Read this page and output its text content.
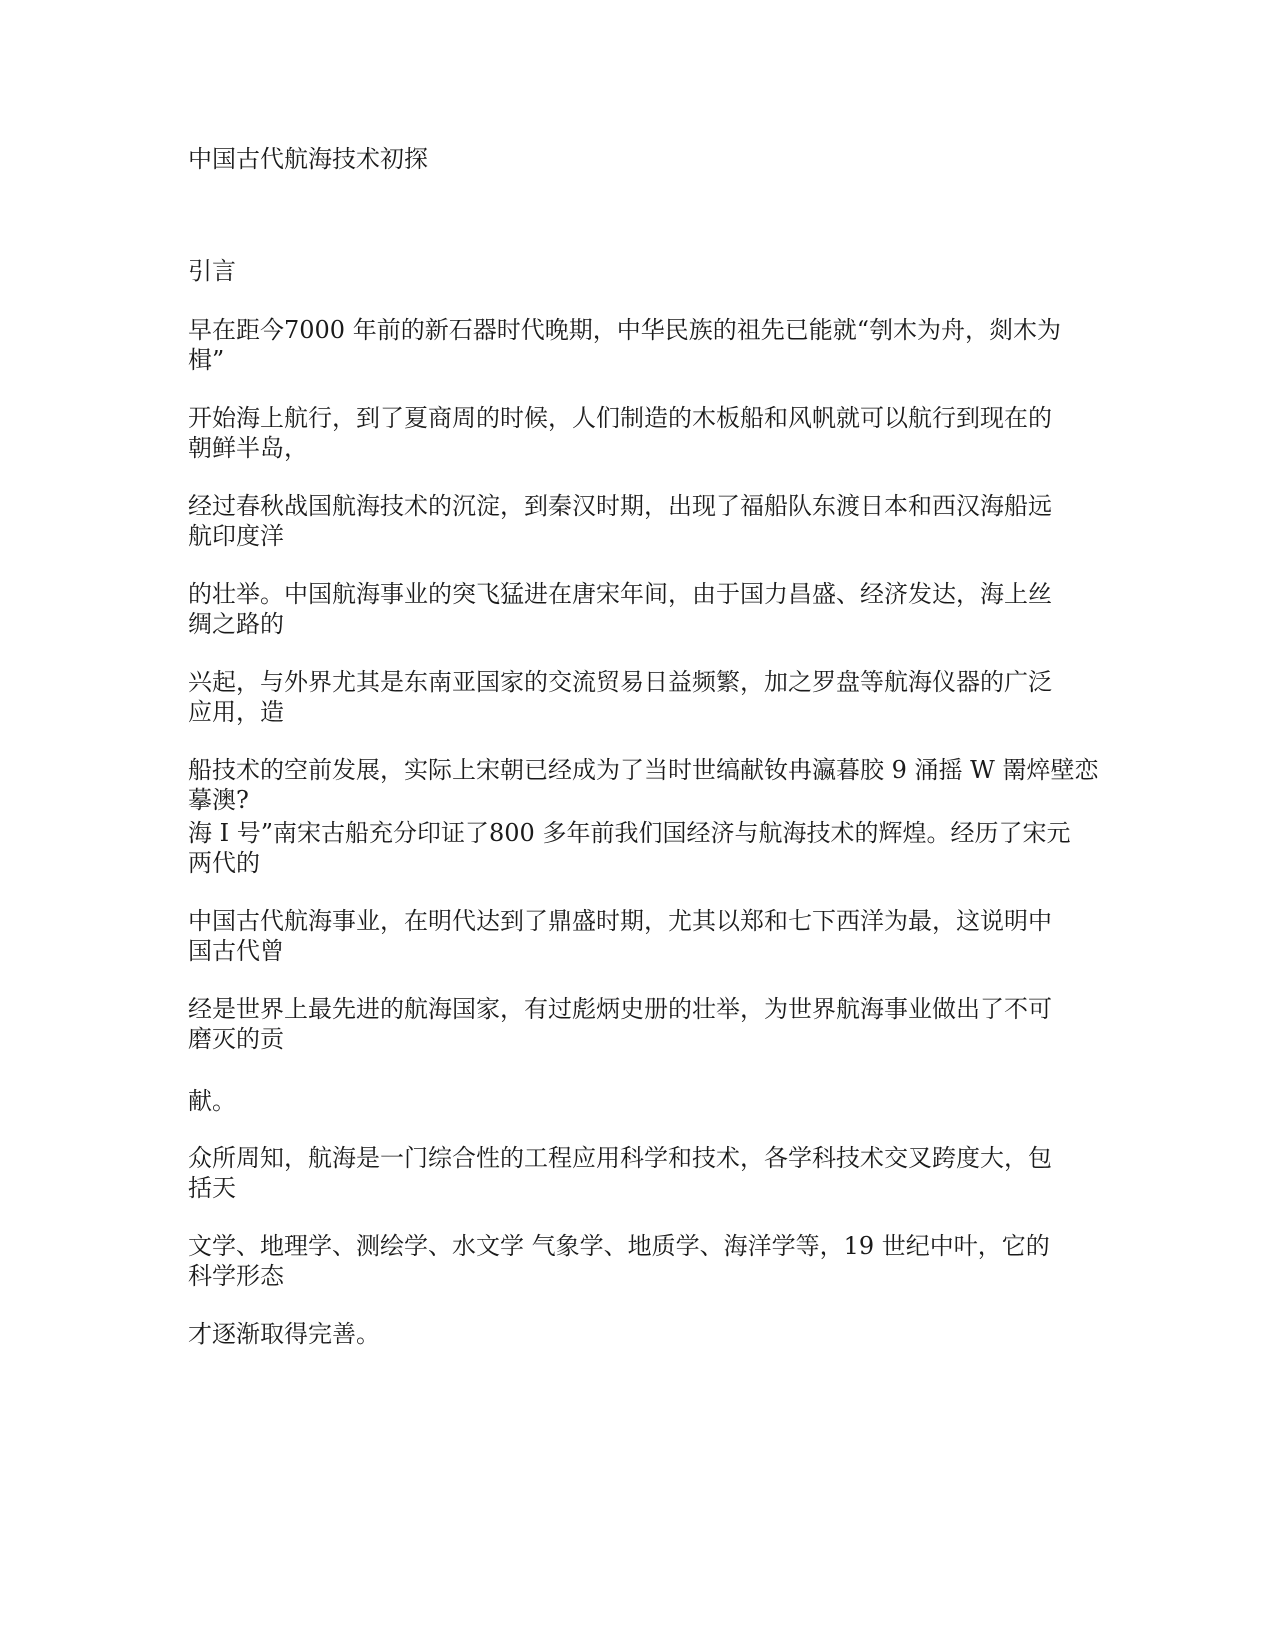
中国古代航海技术初探
引言
早在距今7000 年前的新石器时代晚期，中华民族的祖先已能就“刳木为舟，剡木为
楫”
开始海上航行，到了夏商周的时候，人们制造的木板船和风帆就可以航行到现在的
朝鲜半岛，
经过春秋战国航海技术的沉淀，到秦汉时期，出现了福船队东渡日本和西汉海船远
航印度洋
的壮举。中国航海事业的突飞猛进在唐宋年间，由于国力昌盛、经济发达，海上丝
绸之路的
兴起，与外界尤其是东南亚国家的交流贸易日益频繁，加之罗盘等航海仪器的广泛
应用，造
船技术的空前发展，实际上宋朝已经成为了当时世缟献钕冉瀛暮胶 9 涌摇 W 罱焠壁恋
摹澳?
海 I 号”南宋古船充分印证了800 多年前我们国经济与航海技术的辉煌。经历了宋元
两代的
中国古代航海事业，在明代达到了鼎盛时期，尤其以郑和七下西洋为最，这说明中
国古代曾
经是世界上最先进的航海国家，有过彪炳史册的壮举，为世界航海事业做出了不可
磨灭的贡
献。
众所周知，航海是一门综合性的工程应用科学和技术，各学科技术交叉跨度大，包
括天
文学、地理学、测绘学、水文学 气象学、地质学、海洋学等，19 世纪中叶，它的
科学形态
才逐渐取得完善。
